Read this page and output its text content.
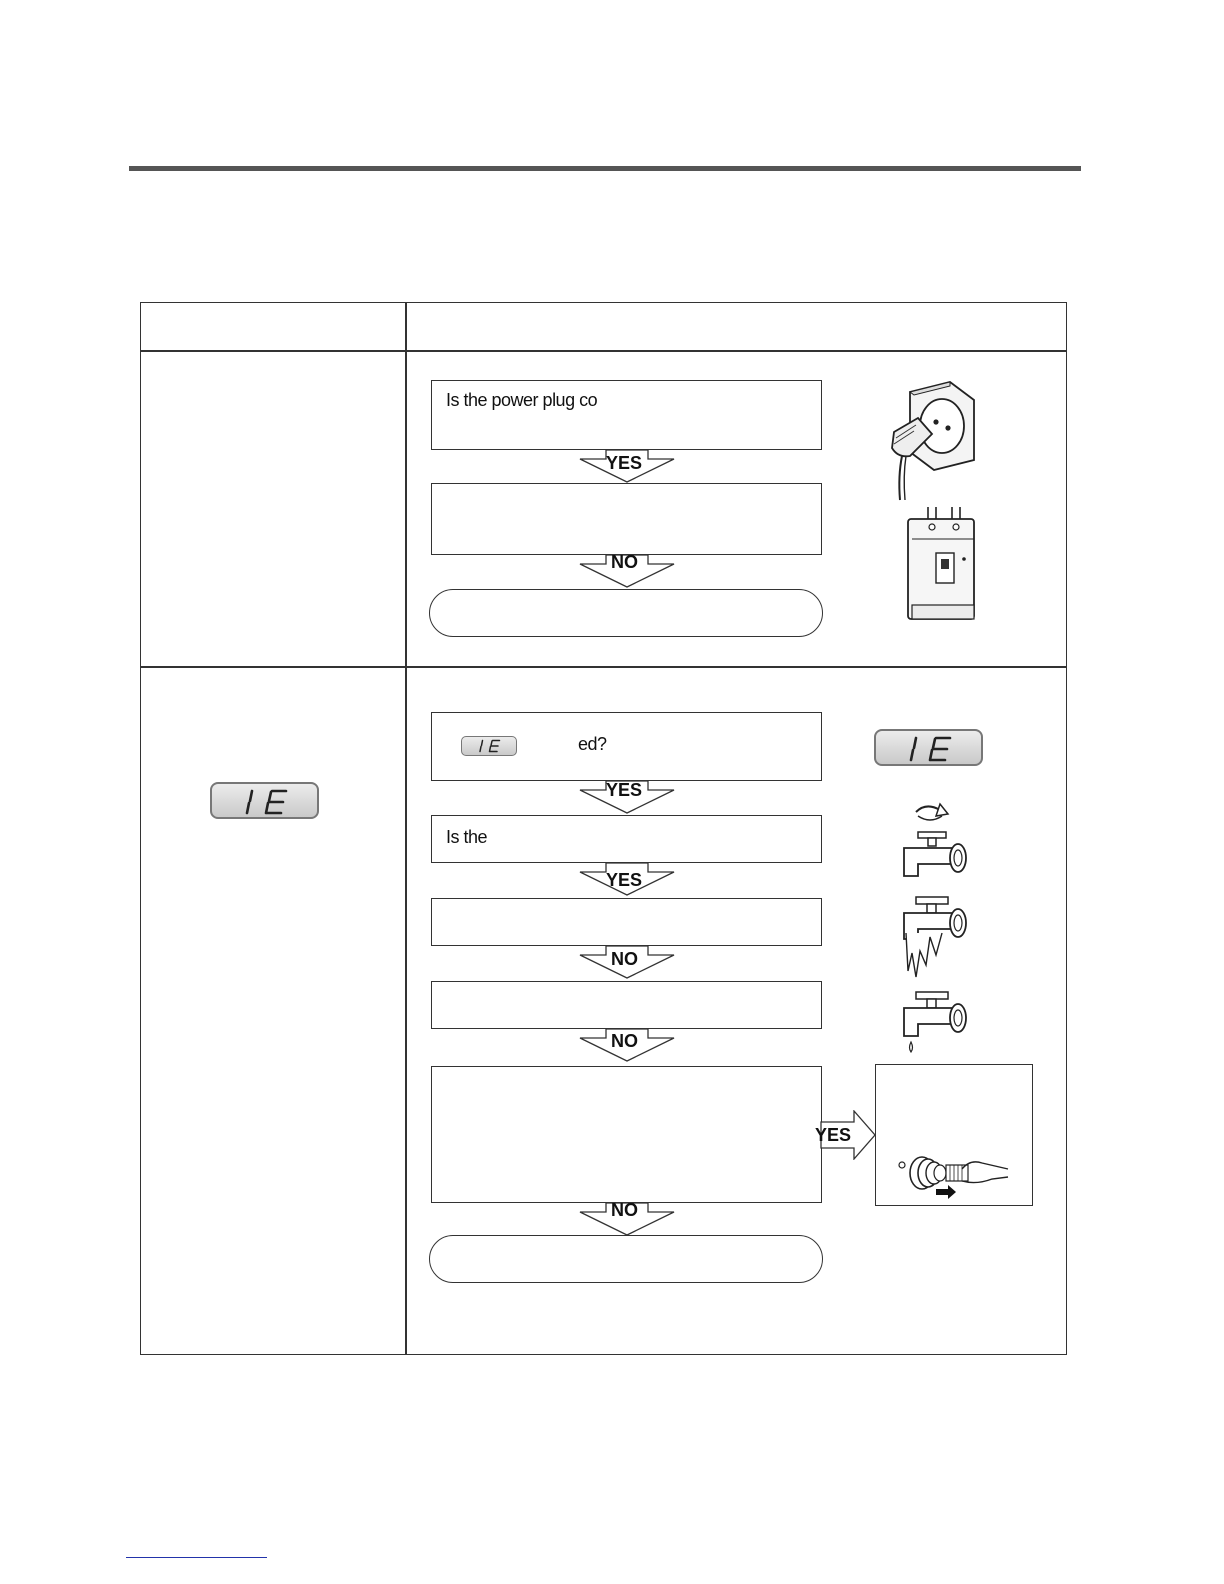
Is the power plug co
YES
NO
ed?
YES
Is the
YES
NO
NO
YES
NO
